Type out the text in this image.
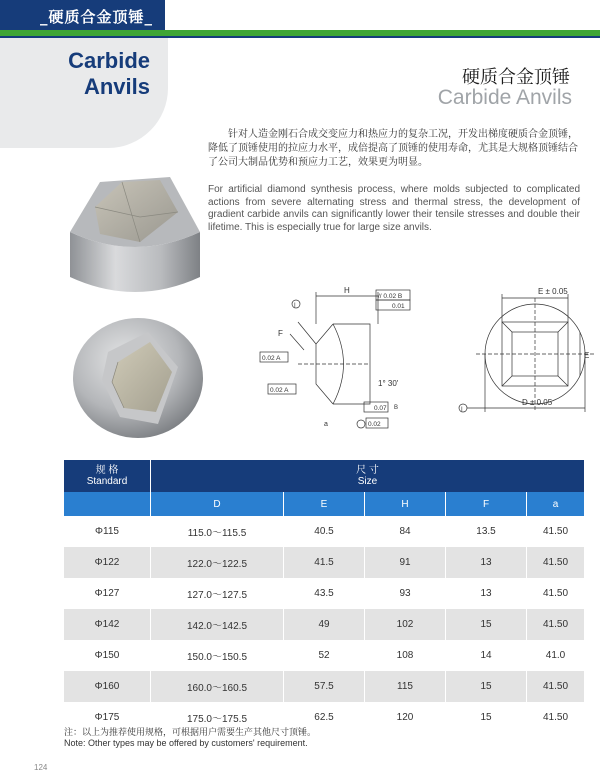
_硬质合金顶锤_
Carbide
Anvils	硬质合金顶锤
Carbide Anvils
针对人造金刚石合成交变应力和热应力的复杂工况，开发出梯度硬质合金顶锤，降低了顶锤使用的拉应力水平，成倍提高了顶锤的使用寿命，尤其是大规格顶锤结合了公司大制品优势和预应力工艺，效果更为明显。
For artificial diamond synthesis process, where molds subjected to complicated actions from severe alternating stress and thermal stress, the development of gradient carbide anvils can significantly lower their tensile stresses and double their lifetime. This is especially true for large size anvils.
H
F
I
// 0.02 B
0.01
0.02 A
0.02 A
1° 30'
a
0.07
0.02
B
E ± 0.05
E
D ± 0.05
I
规 格
Standard	尺 寸
Size				
	D	E	H	F	a
Φ115	115.0～115.5	40.5	84	13.5	41.50
Φ122	122.0～122.5	41.5	91	13	41.50
Φ127	127.0～127.5	43.5	93	13	41.50
Φ142	142.0～142.5	49	102	15	41.50
Φ150	150.0～150.5	52	108	14	41.0
Φ160	160.0～160.5	57.5	115	15	41.50
Φ175	175.0～175.5	62.5	120	15	41.50
注：以上为推荐使用规格，可根据用户需要生产其他尺寸顶锤。
Note: Other types may be offered by customers' requirement.
124
